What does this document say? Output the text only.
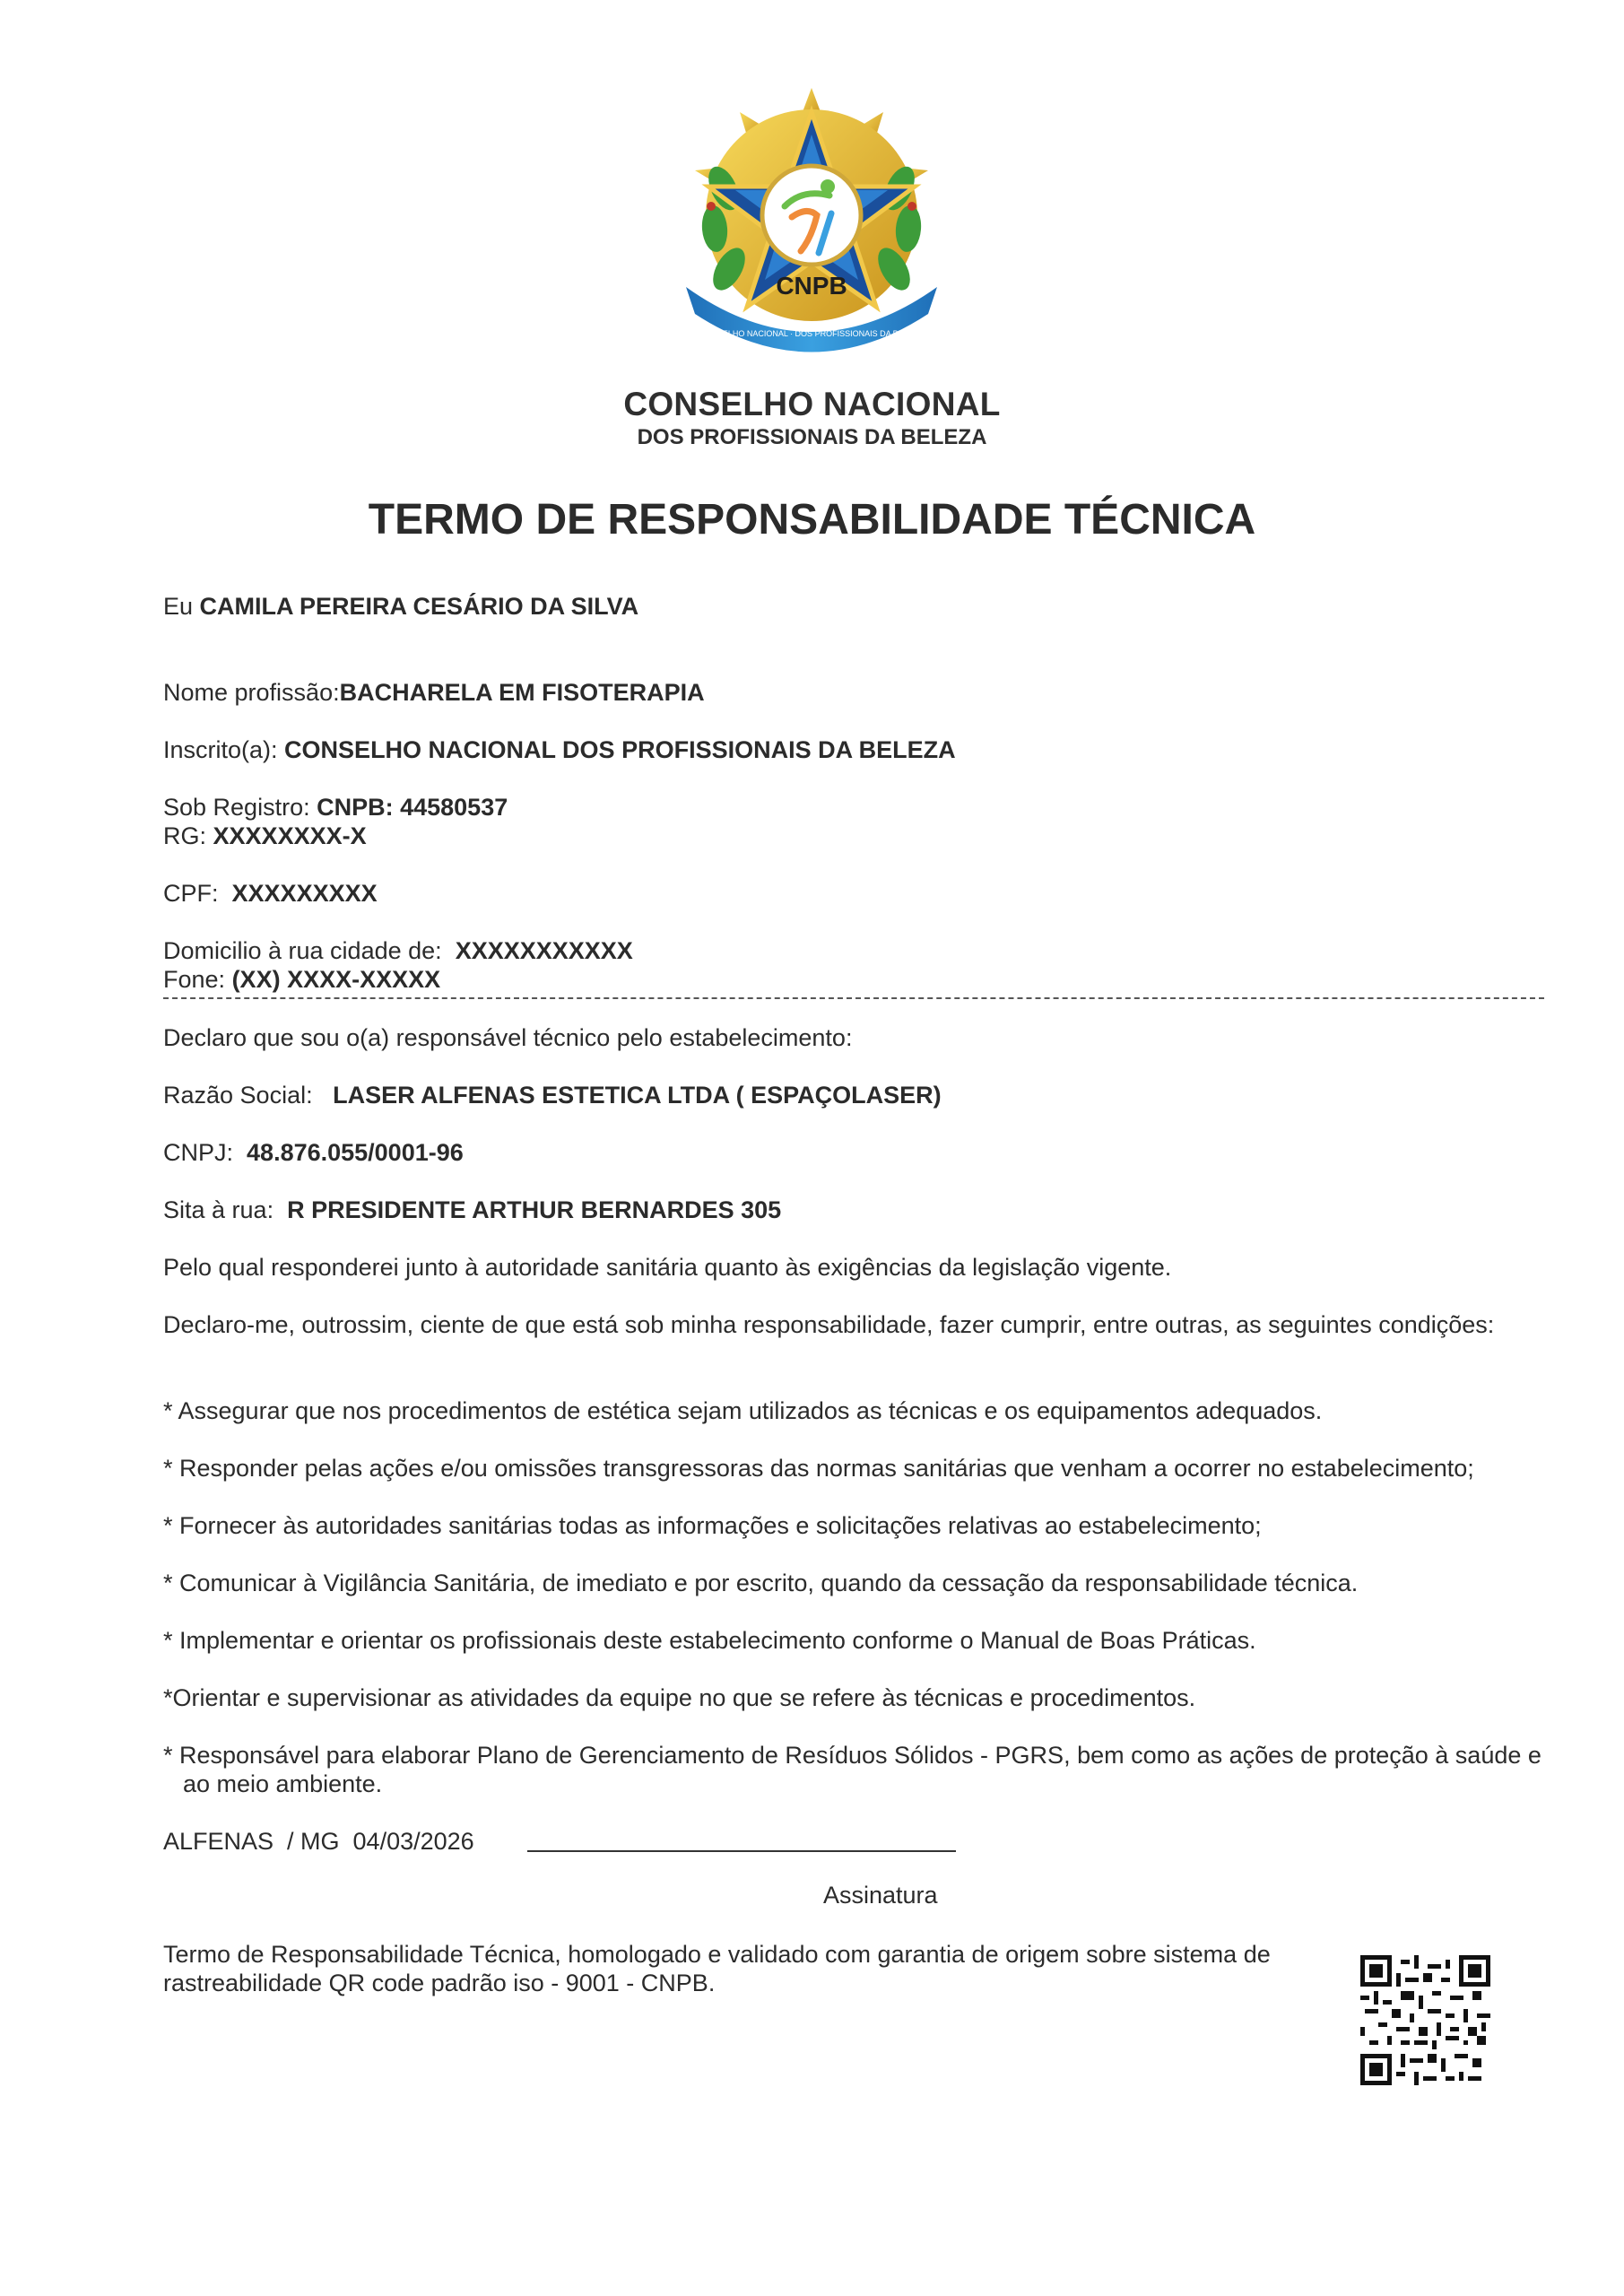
CNPB
CONSELHO NACIONAL · DOS PROFISSIONAIS DA BELEZA
CONSELHO NACIONAL
DOS PROFISSIONAIS DA BELEZA
TERMO DE RESPONSABILIDADE TÉCNICA
Eu CAMILA PEREIRA CESÁRIO DA SILVA
Nome profissão:BACHARELA EM FISOTERAPIA
Inscrito(a): CONSELHO NACIONAL DOS PROFISSIONAIS DA BELEZA
Sob Registro: CNPB: 44580537
RG: XXXXXXXX-X
CPF: XXXXXXXXX
Domicilio à rua cidade de: XXXXXXXXXXX
Fone: (XX) XXXX-XXXXX
Declaro que sou o(a) responsável técnico pelo estabelecimento:
Razão Social: LASER ALFENAS ESTETICA LTDA ( ESPAÇOLASER)
CNPJ: 48.876.055/0001-96
Sita à rua: R PRESIDENTE ARTHUR BERNARDES 305
Pelo qual responderei junto à autoridade sanitária quanto às exigências da legislação vigente.
Declaro-me, outrossim, ciente de que está sob minha responsabilidade, fazer cumprir, entre outras, as seguintes condições:
* Assegurar que nos procedimentos de estética sejam utilizados as técnicas e os equipamentos adequados.
* Responder pelas ações e/ou omissões transgressoras das normas sanitárias que venham a ocorrer no estabelecimento;
* Fornecer às autoridades sanitárias todas as informações e solicitações relativas ao estabelecimento;
* Comunicar à Vigilância Sanitária, de imediato e por escrito, quando da cessação da responsabilidade técnica.
* Implementar e orientar os profissionais deste estabelecimento conforme o Manual de Boas Práticas.
*Orientar e supervisionar as atividades da equipe no que se refere às técnicas e procedimentos.
* Responsável para elaborar Plano de Gerenciamento de Resíduos Sólidos - PGRS, bem como as ações de proteção à saúde e ao meio ambiente.
ALFENAS  / MG  04/03/2026
Assinatura
Termo de Responsabilidade Técnica, homologado e validado com garantia de origem sobre sistema de rastreabilidade QR code padrão iso - 9001 - CNPB.
